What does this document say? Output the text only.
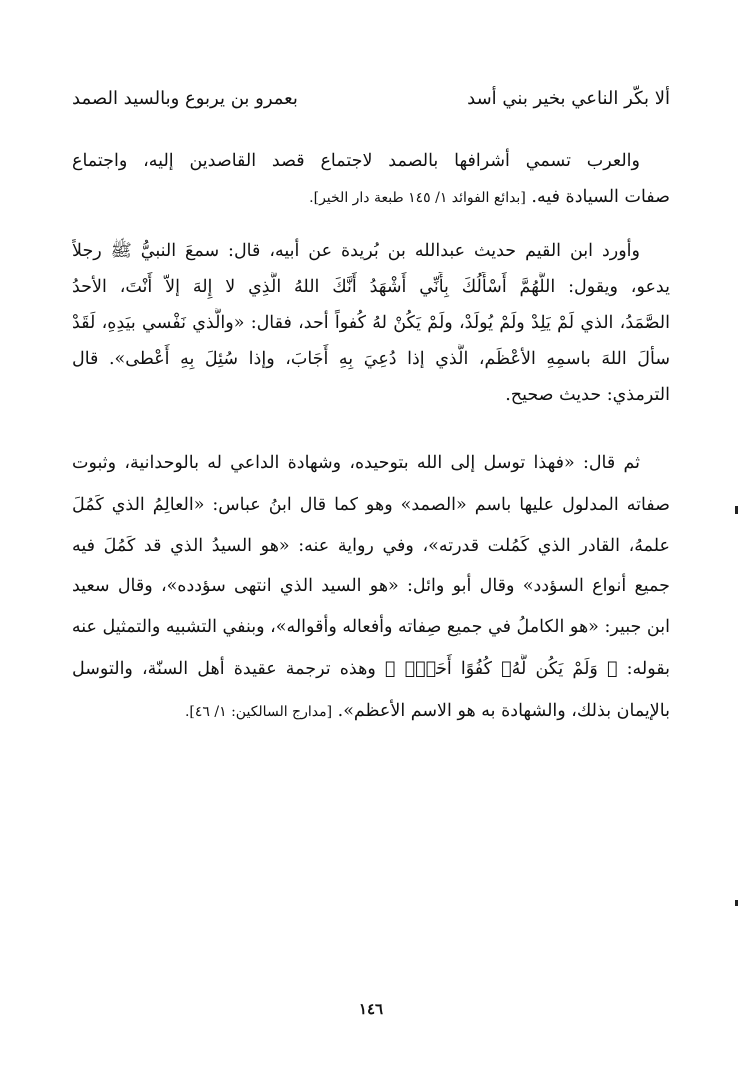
ألا بكّر الناعي بخير بني أسد
بعمرو بن يربوع وبالسيد الصمد
والعرب تسمي أشرافها بالصمد لاجتماع قصد القاصدين إليه، واجتماع
صفات السيادة فيه. [بدائع الفوائد ١/ ١٤٥ طبعة دار الخير].
وأورد ابن القيم حديث عبدالله بن بُريدة عن أبيه، قال: سمعَ النبيُّ ﷺ رجلاً
يدعو، ويقول: اللَّهُمَّ أَسْأَلُكَ بِأَنِّي أَشْهَدُ أَنَّكَ اللهُ الَّذِي لا إِلهَ إلاّ أَنْتَ، الأحدُ
الصَّمَدُ، الذي لَمْ يَلِدْ ولَمْ يُولَدْ، ولَمْ يَكُنْ لهُ كُفواً أحد، فقال: «والَّذي نَفْسي بيَدِهِ، لَقَدْ
سألَ اللهَ باسمِهِ الأعْظَم، الَّذي إذا دُعِيَ بِهِ أَجَابَ، وإذا سُئِلَ بِهِ أَعْطى». قال
الترمذي: حديث صحيح.
ثم قال: «فهذا توسل إلى الله بتوحيده، وشهادة الداعي له بالوحدانية، وثبوت
صفاته المدلول عليها باسم «الصمد» وهو كما قال ابنُ عباس: «العالِمُ الذي كَمُلَ
علمهُ، القادر الذي كَمُلت قدرته»، وفي رواية عنه: «هو السيدُ الذي قد كَمُلَ فيه
جميع أنواع السؤدد» وقال أبو وائل: «هو السيد الذي انتهى سؤدده»، وقال سعيد
ابن جبير: «هو الكاملُ في جميع صِفاته وأفعاله وأقواله»، وبنفي التشبيه والتمثيل عنه
بقوله: ﴿ وَلَمْ يَكُن لَّهُۥ كُفُوًا أَحَدٌۢ ﴾ وهذه ترجمة عقيدة أهل السنّة، والتوسل
بالإيمان بذلك، والشهادة به هو الاسم الأعظم». [مدارج السالكين: ١/ ٤٦].
١٤٦
